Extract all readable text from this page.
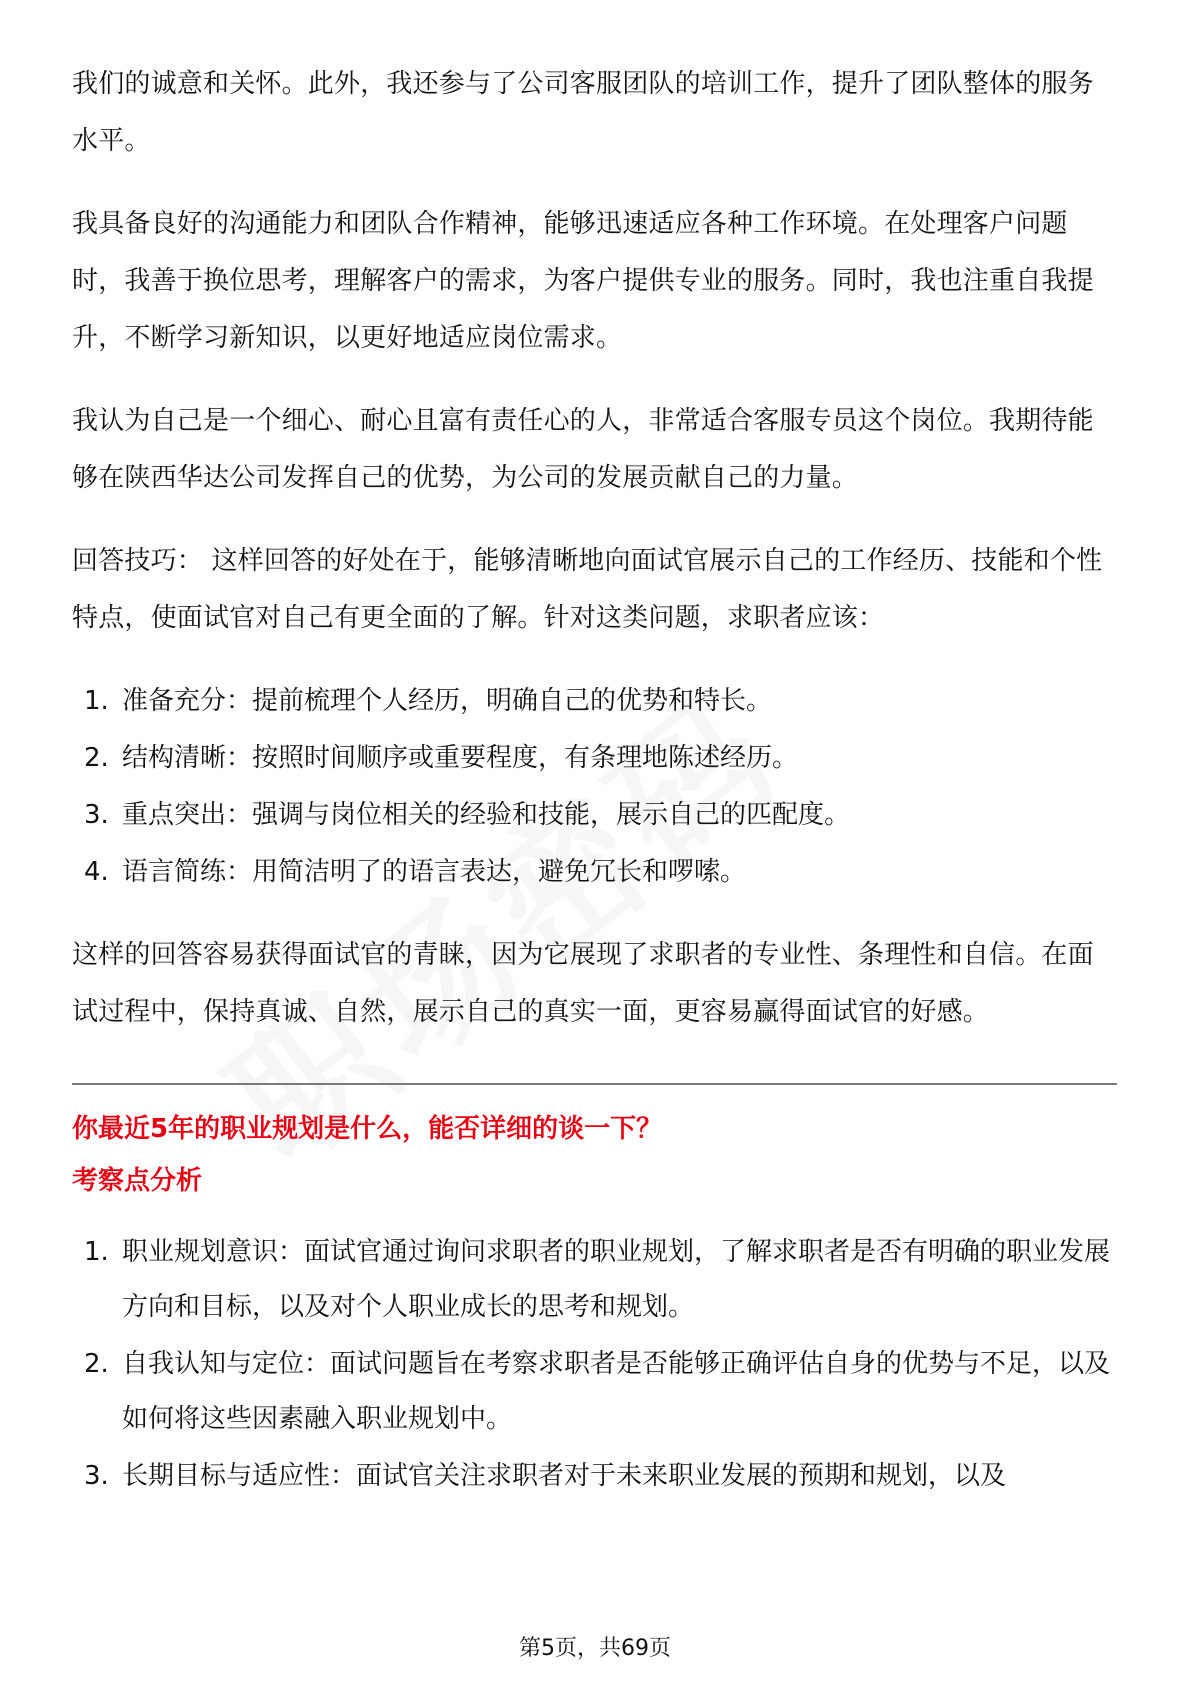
我们的诚意和关怀。此外，我还参与了公司客服团队的培训工作，提升了团队整体的服务水平。

我具备良好的沟通能力和团队合作精神，能够迅速适应各种工作环境。在处理客户问题时，我善于换位思考，理解客户的需求，为客户提供专业的服务。同时，我也注重自我提升，不断学习新知识，以更好地适应岗位需求。

我认为自己是一个细心、耐心且富有责任心的人，非常适合客服专员这个岗位。我期待能够在陕西华达公司发挥自己的优势，为公司的发展贡献自己的力量。

回答技巧： 这样回答的好处在于，能够清晰地向面试官展示自己的工作经历、技能和个性特点，使面试官对自己有更全面的了解。针对这类问题，求职者应该：

1. 准备充分：提前梳理个人经历，明确自己的优势和特长。
2. 结构清晰：按照时间顺序或重要程度，有条理地陈述经历。
3. 重点突出：强调与岗位相关的经验和技能，展示自己的匹配度。
4. 语言简练：用简洁明了的语言表达，避免冗长和啰嗦。

这样的回答容易获得面试官的青睐，因为它展现了求职者的专业性、条理性和自信。在面试过程中，保持真诚、自然，展示自己的真实一面，更容易赢得面试官的好感。

你最近5年的职业规划是什么，能否详细的谈一下？
考察点分析
1. 职业规划意识：面试官通过询问求职者的职业规划，了解求职者是否有明确的职业发展方向和目标，以及对个人职业成长的思考和规划。
2. 自我认知与定位：面试问题旨在考察求职者是否能够正确评估自身的优势与不足，以及如何将这些因素融入职业规划中。
3. 长期目标与适应性：面试官关注求职者对于未来职业发展的预期和规划，以及
第5页，共69页
